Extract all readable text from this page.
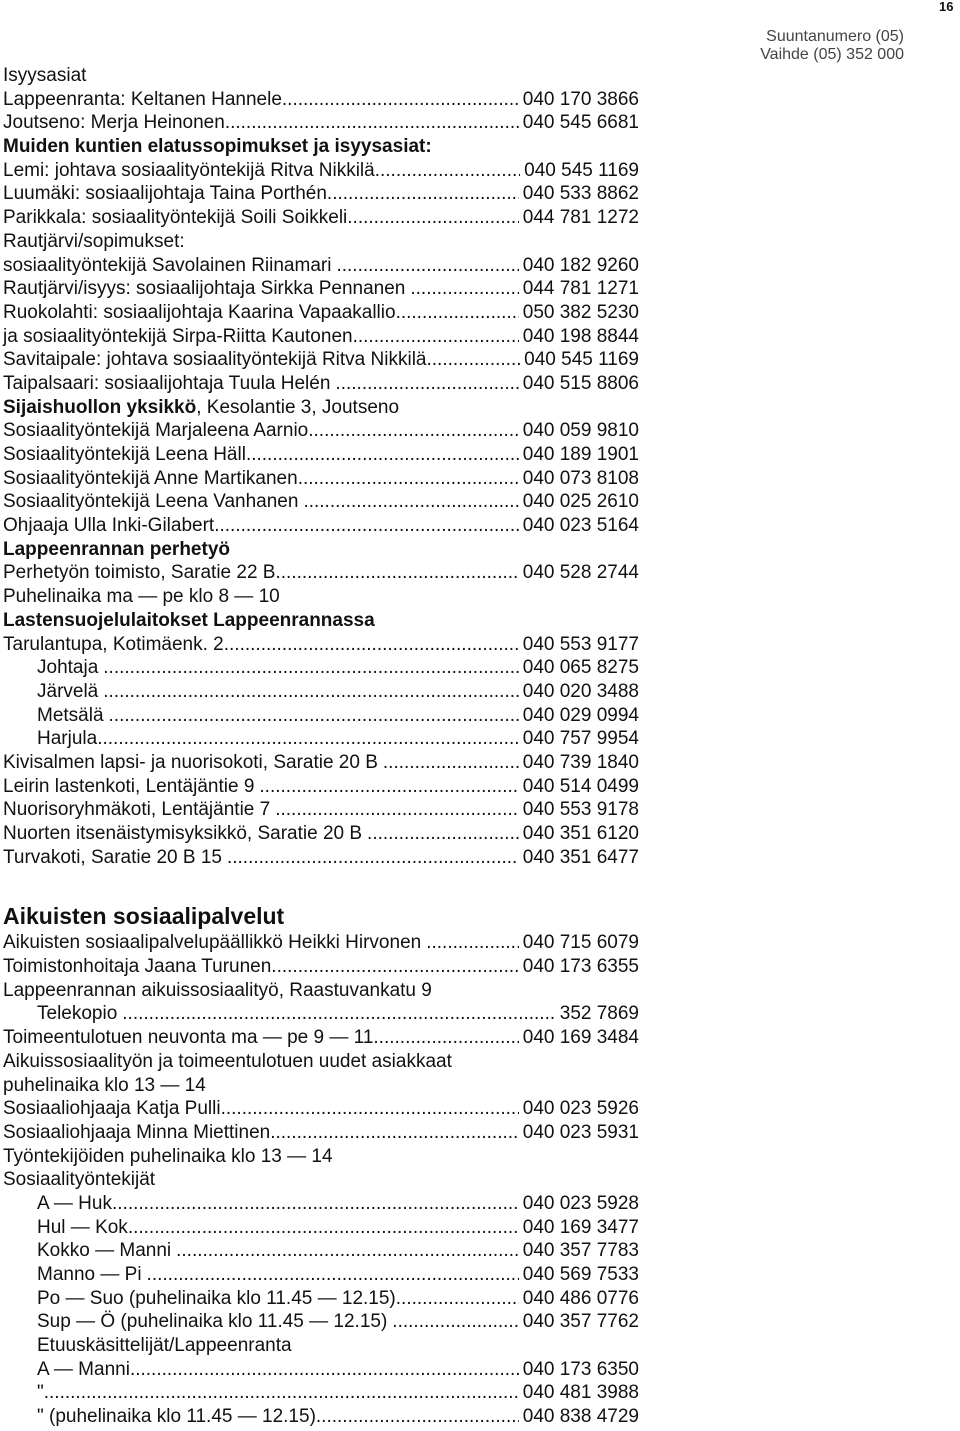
16
Suuntanumero (05)
Vaihde (05) 352 000
Isyysasiat
Lappeenranta: Keltanen Hannele .....	040 170 3866
Joutseno: Merja Heinonen .....	040 545 6681
Muiden kuntien elatussopimukset ja isyysasiat:
Lemi: johtava sosiaalityöntekijä Ritva Nikkilä .....	040 545 1169
Luumäki: sosiaalijohtaja Taina Porthén .....	040 533 8862
Parikkala: sosiaalityöntekijä Soili Soikkeli .....	044 781 1272
Rautjärvi/sopimukset:
sosiaalityöntekijä Savolainen Riinamari .....	040 182 9260
Rautjärvi/isyys: sosiaalijohtaja Sirkka Pennanen .....	044 781 1271
Ruokolahti: sosiaalijohtaja Kaarina Vapaakallio .....	050 382 5230
ja sosiaalityöntekijä Sirpa-Riitta Kautonen .....	040 198 8844
Savitaipale: johtava sosiaalityöntekijä Ritva Nikkilä .....	040 545 1169
Taipalsaari: sosiaalijohtaja Tuula Helén .....	040 515 8806
Sijaishuollon yksikkö, Kesolantie 3, Joutseno
Sosiaalityöntekijä Marjaleena Aarnio .....	040 059 9810
Sosiaalityöntekijä Leena Häll .....	040 189 1901
Sosiaalityöntekijä Anne Martikanen .....	040 073 8108
Sosiaalityöntekijä Leena Vanhanen .....	040 025 2610
Ohjaaja Ulla Inki-Gilabert .....	040 023 5164
Lappeenrannan perhetyö
Perhetyön toimisto, Saratie 22 B .....	040 528 2744
Puhelinaika ma — pe klo 8 — 10
Lastensuojelulaitokset Lappeenrannassa
Tarulantupa, Kotimäenk. 2 .....	040 553 9177
Johtaja .....	040 065 8275
Järvelä .....	040 020 3488
Metsälä .....	040 029 0994
Harjula .....	040 757 9954
Kivisalmen lapsi- ja nuorisokoti, Saratie 20 B .....	040 739 1840
Leirin lastenkoti, Lentäjäntie 9 .....	040 514 0499
Nuorisoryhmäkoti, Lentäjäntie 7 .....	040 553 9178
Nuorten itsenäistymisyksikkö, Saratie 20 B .....	040 351 6120
Turvakoti, Saratie 20 B 15 .....	040 351 6477
Aikuisten sosiaalipalvelut
Aikuisten sosiaalipalvelupäällikkö Heikki Hirvonen .....	040 715 6079
Toimistonhoitaja Jaana Turunen .....	040 173 6355
Lappeenrannan aikuissosiaalityö, Raastuvankatu 9
Telekopio .....	352 7869
Toimeentulotuen neuvonta ma — pe 9 — 11 .....	040 169 3484
Aikuissosiaalityön ja toimeentulotuen uudet asiakkaat
puhelinaika klo 13 — 14
Sosiaaliohjaaja Katja Pulli .....	040 023 5926
Sosiaaliohjaaja Minna Miettinen .....	040 023 5931
Työntekijöiden puhelinaika klo 13 — 14
Sosiaalityöntekijät
A — Huk .....	040 023 5928
Hul — Kok .....	040 169 3477
Kokko — Manni .....	040 357 7783
Manno — Pi .....	040 569 7533
Po — Suo (puhelinaika klo 11.45 — 12.15) .....	040 486 0776
Sup — Ö (puhelinaika klo 11.45 — 12.15) .....	040 357 7762
Etuuskäsittelijät/Lappeenranta
A — Manni .....	040 173 6350
" .....	040 481 3988
" (puhelinaika klo 11.45 — 12.15) .....	040 838 4729
